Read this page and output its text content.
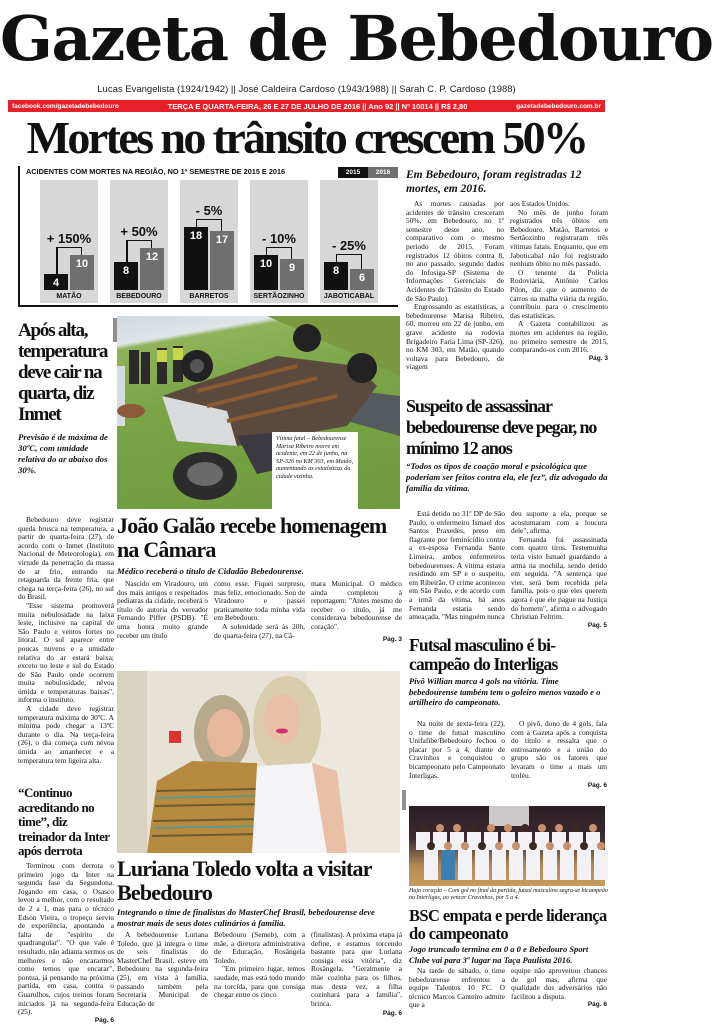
Gazeta de Bebedouro
Lucas Evangelista (1924/1942) || José Caldeira Cardoso (1943/1988) || Sarah C. P. Cardoso (1988)
facebook.com/gazetadebebedouro	TERÇA E QUARTA-FEIRA, 26 E 27 DE JULHO DE 2016 || Ano 92 || Nº 10014 || R$ 2,80	gazetadebebedouro.com.br
Mortes no trânsito crescem 50%
ACIDENTES COM MORTES NA REGIÃO, NO 1º SEMESTRE DE 2015 E 2016	2015	2016
4
10
+ 150%
MATÃO
8
12
+ 50%
BEBEDOURO
18	17
- 5%
BARRETOS
10	9
- 10%
SERTÃOZINHO
8
6
- 25%
JABOTICABAL
Em Bebedouro, foram registradas 12 mortes, em 2016.

As mortes causadas por acidentes de trânsito cresceram 50%, em Bebedouro, no 1º semestre deste ano, no comparativo com o mesmo período de 2015. Foram registrados 12 óbitos contra 8, no ano passado, segundo dados do Infosiga-SP (Sistema de Informações Gerenciais de Acidentes de Trânsito do Estado de São Paulo).

Engrossando as estatísticas, a bebedourense Marisa Ribeiro, 60, morreu em 22 de junho, em grave acidente na rodovia Brigadeiro Faria Lima (SP-326), no KM 303, em Matão, quando voltava para Bebedouro, de viagem

aos Estados Unidos.

No mês de junho foram registrados três óbitos em Bebedouro. Matão, Barretos e Sertãozinho registraram três vítimas fatais. Enquanto, que em Jaboticabal não foi registrado nenhum óbito no mês passado.

O tenente da Polícia Rodoviária, Antônio Carlos Pilon, diz que o aumento de carros na malha viária da região, contribuiu para o crescimento das estatísticas.

A Gazeta contabilizou as mortes em acidentes na região, no primeiro semestre de 2015, comparando-os com 2016.

Pág. 3
Após alta, temperatura deve cair na quarta, diz Inmet
Previsão é de máxima de 30ºC, com umidade relativa do ar abaixo dos 30%.
Vítima fatal – Bebedourense Marisa Ribeiro morre em acidente, em 22 de junho, na SP-326 no KM 303, em Matão, aumentando as estatísticas da cidade vizinha.
Suspeito de assassinar bebedourense deve pegar, no mínimo 12 anos
“Todos os tipos de coação moral e psicológica que poderiam ser feitos contra ela, ele fez”, diz advogado da família da vítima.

Bebedouro deve registrar queda brusca na temperatura, a partir de quarta-feira (27), de acordo com o Inmet (Instituto Nacional de Meteorologia), em virtude da penetração da massa de ar frio, entrando na retaguarda da frente fria, que chega na terça-feira (26), no sul do Brasil.

"Esse sistema promoverá muita nebulosidade na faixa leste, inclusive na capital de São Paulo e ventos fortes no litoral. O sol aparece entre poucas nuvens e a umidade relativa do ar estará baixa; exceto no leste e sul do Estado de São Paulo onde ocorrem muita nebulosidade, névoa úmida e temperaturas baixas", informa o instituto.

A cidade deve registrar temperatura máxima de 30ºC. A mínima pode chegar a 13ºC durante o dia. Na terça-feira (26), o dia começa com névoa úmida ao amanhecer e a temperatura tem ligeira alta.

“Continuo acreditando no time”, diz treinador da Inter após derrota

Terminou com derrota o primeiro jogo da Inter na segunda fase da Segundona. Jogando em casa, o Osasco levou a melhor, com o resultado de 2 a 1, mas para o técnico Edson Vieira, o tropeço serviu de experiência, apontando a falta de "espírito de quadrangular". "O que vale é resultado, não adianta sermos os melhores e não encararmos como temos que encarar", pontua, já pensando na próxima partida, em casa, contra o Guarulhos, cujos treinos foram iniciados já na segunda-feira (25).

Pág. 6
João Galão recebe homenagem na Câmara
Médico receberá o título de Cidadão Bebedourense.

Nascido em Viradouro, um dos mais antigos e respeitados pediatras da cidade, receberá o título de autoria do vereador Fernando Piffer (PSDB). "É uma honra muito grande receber um título

como esse. Fiquei surpreso, mas feliz, emocionado. Sou de Viradouro e passei praticamente toda minha vida em Bebedouro.

A solenidade será às 20h, de quarta-feira (27), na Câ-

mara Municipal. O médico ainda completou à reportagem: "Antes mesmo de receber o título, já me considerava bebedourense de coração".

Pág. 3
Luriana Toledo volta a visitar Bebedouro
Integrando o time de finalistas do MasterChef Brasil, bebedourense deve mostrar mais de seus dotes culinários à família.

A bebedourense Luriana Toledo, que já integra o time de seis finalistas do MasterChef Brasil, esteve em Bebedouro na segunda-feira (25), em vista à família, passando também pela Secretaria Municipal de Educação de

Bebedouro (Semeb), com a mãe, a diretora administrativa de Educação, Rosângela Toledo.

"Em primeiro lugar, temos saudade, mas está todo mundo na torcida, para que consiga chegar entre os cinco

(finalistas). A próxima etapa já define, e estamos torcendo bastante para que Luriana consiga essa vitória", diz Rosângela. "Geralmente a mãe cozinha para os filhos, mas desta vez, a filha cozinhará para a família", brinca.

Pág. 6

Está detido no 31º DP de São Paulo, o enfermeiro Ismael dos Santos Praxedes, preso em flagrante por feminicídio contra a ex-esposa Fernanda Sante Limeira, ambos enfermeiros bebedourenses. A vítima estava residindo em SP e o suspeito, em Ribeirão. O crime aconteceu em São Paulo, e de acordo com a irmã da vítima, há anos Fernanda estaria sendo ameaçada, "Mas ninguém nunca

deu suporte a ela, porque se acostumaram com a loucura dele", afirma.

Fernanda foi assassinada com quatro tiros. Testemunha teria visto Ismael guardando a arma na mochila, sendo detido em seguida. "A sentença que vier, será bem recebida pela família, pois o que eles querem agora é que ele pague na Justiça do homem", afirma o advogado Christian Feltrim.

Pág. 5
Futsal masculino é bi-campeão do Interligas
Pivô Willian marca 4 gols na vitória. Time bebedourense também tem o goleiro menos vazado e o artilheiro do campeonato.

Na noite de sexta-feira (22), o time de futsal masculino Unifafibe/Bebedouro fechou o placar por 5 a 4, diante de Cravinhos e conquistou o bicampeonato pelo Campeonato Interligas.

O pivô, dono de 4 gols, fala com a Gazeta após a conquista do título e ressalta que o entrosamento e a união do grupo são os fatores que levaram o time a mais um troféu.

Pág. 6
Haja coração – Com gol no final da partida, futsal masculino sagra-se bicampeão no Interligas, ao vencer Cravinhos, por 5 a 4.
BSC empata e perde liderança do campeonato
Jogo truncado termina em 0 a 0 e Bebedouro Sport Clube vai para 3º lugar na Taça Paulista 2016.

Na tarde de sábado, o time bebedourense enfrentou a equipe Talentos 10 FC. O técnico Marcos Canteiro admite que a

equipe não aproveitou chances de gol mas, afirma que qualidade dos adversários não facilitou a disputa.

Pág. 6
